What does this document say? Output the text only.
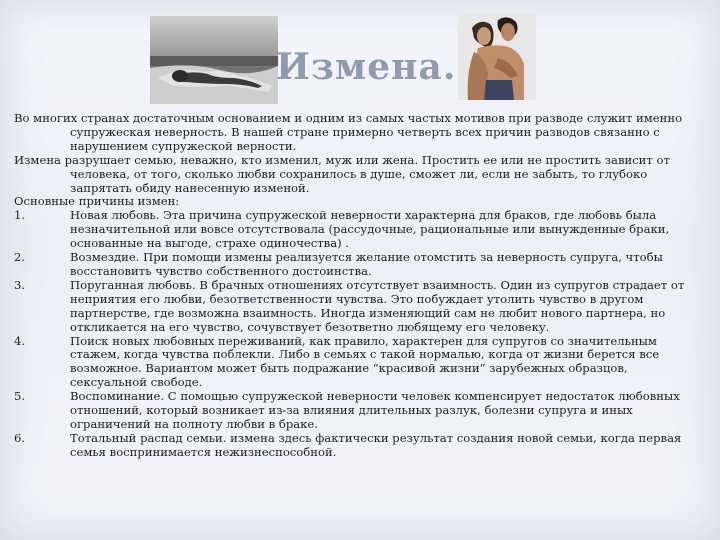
Измена.

Во многих странах достаточным основанием и одним из самых частых мотивов при разводе служит именно супружеская неверность. В нашей стране примерно четверть всех причин разводов связанно с нарушением супружеской верности.

Измена разрушает семью, неважно, кто изменил, муж или жена. Простить ее или не простить зависит от человека, от того, сколько любви сохранилось в душе, сможет ли, если не забыть, то глубоко запрятать обиду нанесенную изменой.

Основные причины измен:

1.	Новая любовь. Эта причина супружеской неверности характерна для браков, где любовь была незначительной или вовсе отсутствовала (рассудочные, рациональные или вынужденные браки, основанные на выгоде, страхе одиночества) .
2.	Возмездие. При помощи измены реализуется желание отомстить за неверность супруга, чтобы восстановить чувство собственного достоинства.
3.	Поруганная любовь. В брачных отношениях отсутствует взаимность. Один из супругов страдает от неприятия его любви, безответственности чувства. Это побуждает утолить чувство в другом партнерстве, где возможна взаимность. Иногда изменяющий сам не любит нового партнера, но откликается на его чувство, сочувствует безответно любящему его человеку.
4.	Поиск новых любовных переживаний, как правило, характерен для супругов со значительным стажем, когда чувства поблекли. Либо в семьях с такой нормалью, когда от жизни берется все возможное. Вариантом может быть подражание “красивой жизни” зарубежных образцов, сексуальной свободе.
5.	Воспоминание. С помощью супружеской неверности человек компенсирует недостаток любовных отношений, который возникает из-за влияния длительных разлук, болезни супруга и иных ограничений на полноту любви в браке.
6.	Тотальный распад семьи. измена здесь фактически результат создания новой семьи, когда первая семья воспринимается нежизнеспособной.
